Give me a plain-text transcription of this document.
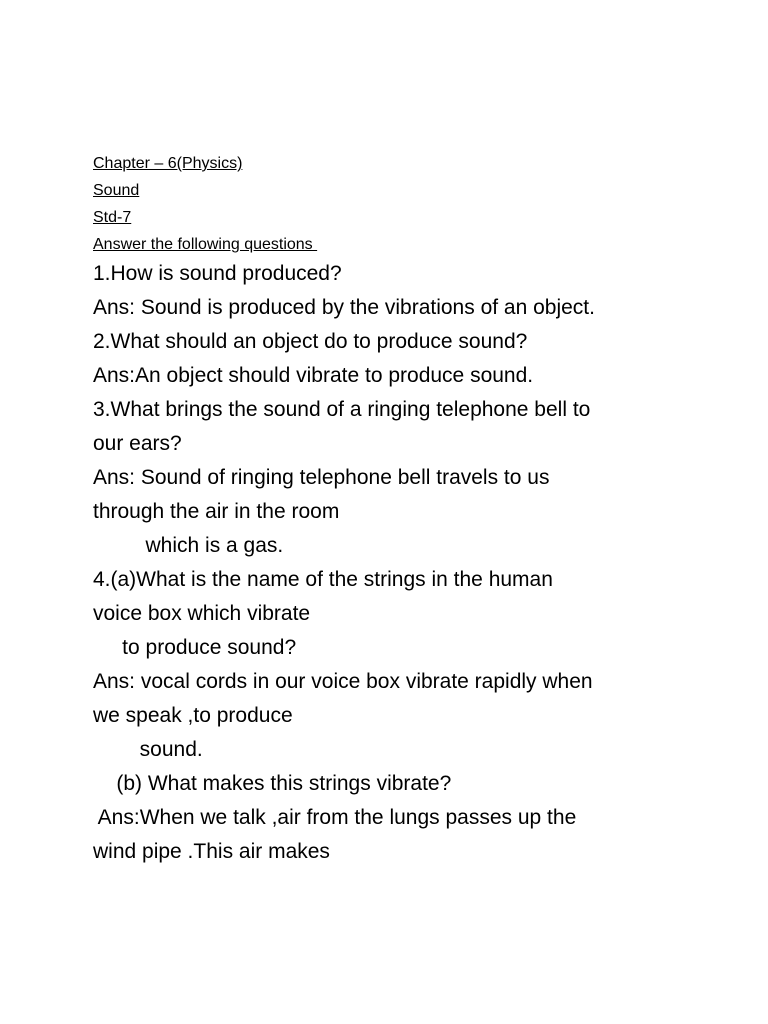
Chapter – 6(Physics)
Sound
Std-7
Answer the following questions
1.How is sound produced?
Ans: Sound is produced by the vibrations of an object.
2.What should an object do to produce sound?
Ans:An object should vibrate to produce sound.
3.What brings the sound of a ringing telephone bell to
our ears?
Ans: Sound of ringing telephone bell travels to us
through the air in the room
which is a gas.
4.(a)What is the name of the strings in the human
voice box which vibrate
to produce sound?
Ans: vocal cords in our voice box vibrate rapidly when
we speak ,to produce
sound.
(b) What makes this strings vibrate?
Ans:When we talk ,air from the lungs passes up the
wind pipe .This air makes
